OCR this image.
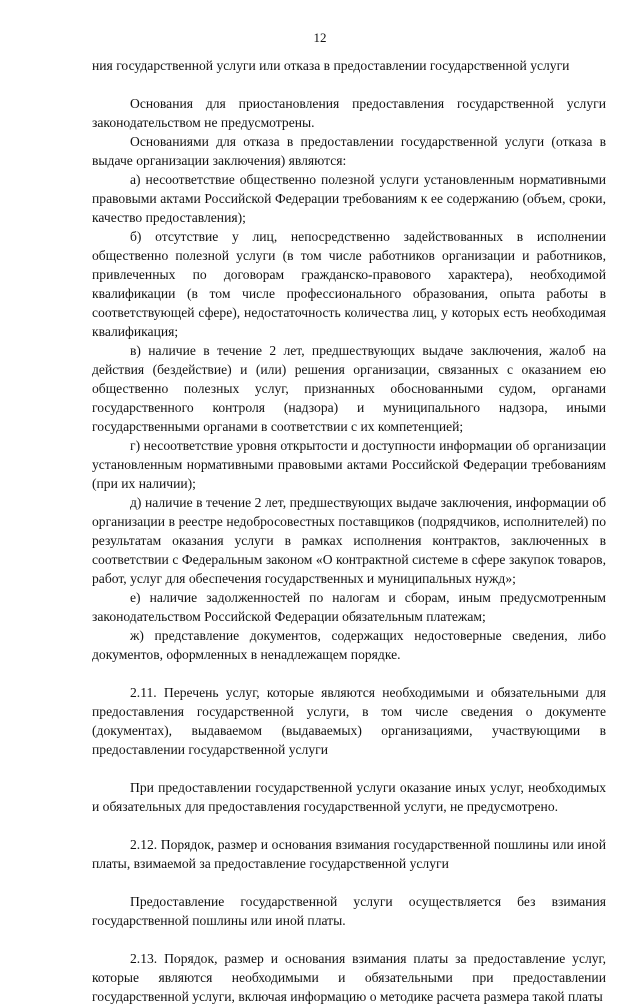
12

ния государственной услуги или отказа в предоставлении государственной услуги

Основания для приостановления предоставления государственной услуги законодательством не предусмотрены.

Основаниями для отказа в предоставлении государственной услуги (отказа в выдаче организации заключения) являются:

а) несоответствие общественно полезной услуги установленным нормативными правовыми актами Российской Федерации требованиям к ее содержанию (объем, сроки, качество предоставления);

б) отсутствие у лиц, непосредственно задействованных в исполнении общественно полезной услуги (в том числе работников организации и работников, привлеченных по договорам гражданско-правового характера), необходимой квалификации (в том числе профессионального образования, опыта работы в соответствующей сфере), недостаточность количества лиц, у которых есть необходимая квалификация;

в) наличие в течение 2 лет, предшествующих выдаче заключения, жалоб на действия (бездействие) и (или) решения организации, связанных с оказанием ею общественно полезных услуг, признанных обоснованными судом, органами государственного контроля (надзора) и муниципального надзора, иными государственными органами в соответствии с их компетенцией;

г) несоответствие уровня открытости и доступности информации об организации установленным нормативными правовыми актами Российской Федерации требованиям (при их наличии);

д) наличие в течение 2 лет, предшествующих выдаче заключения, информации об организации в реестре недобросовестных поставщиков (подрядчиков, исполнителей) по результатам оказания услуги в рамках исполнения контрактов, заключенных в соответствии с Федеральным законом «О контрактной системе в сфере закупок товаров, работ, услуг для обеспечения государственных и муниципальных нужд»;

е) наличие задолженностей по налогам и сборам, иным предусмотренным законодательством Российской Федерации обязательным платежам;

ж) представление документов, содержащих недостоверные сведения, либо документов, оформленных в ненадлежащем порядке.

2.11. Перечень услуг, которые являются необходимыми и обязательными для предоставления государственной услуги, в том числе сведения о документе (документах), выдаваемом (выдаваемых) организациями, участвующими в предоставлении государственной услуги

При предоставлении государственной услуги оказание иных услуг, необходимых и обязательных для предоставления государственной услуги, не предусмотрено.

2.12. Порядок, размер и основания взимания государственной пошлины или иной платы, взимаемой за предоставление государственной услуги

Предоставление государственной услуги осуществляется без взимания государственной пошлины или иной платы.

2.13. Порядок, размер и основания взимания платы за предоставление услуг, которые являются необходимыми и обязательными при предоставлении государственной услуги, включая информацию о методике расчета размера такой платы
